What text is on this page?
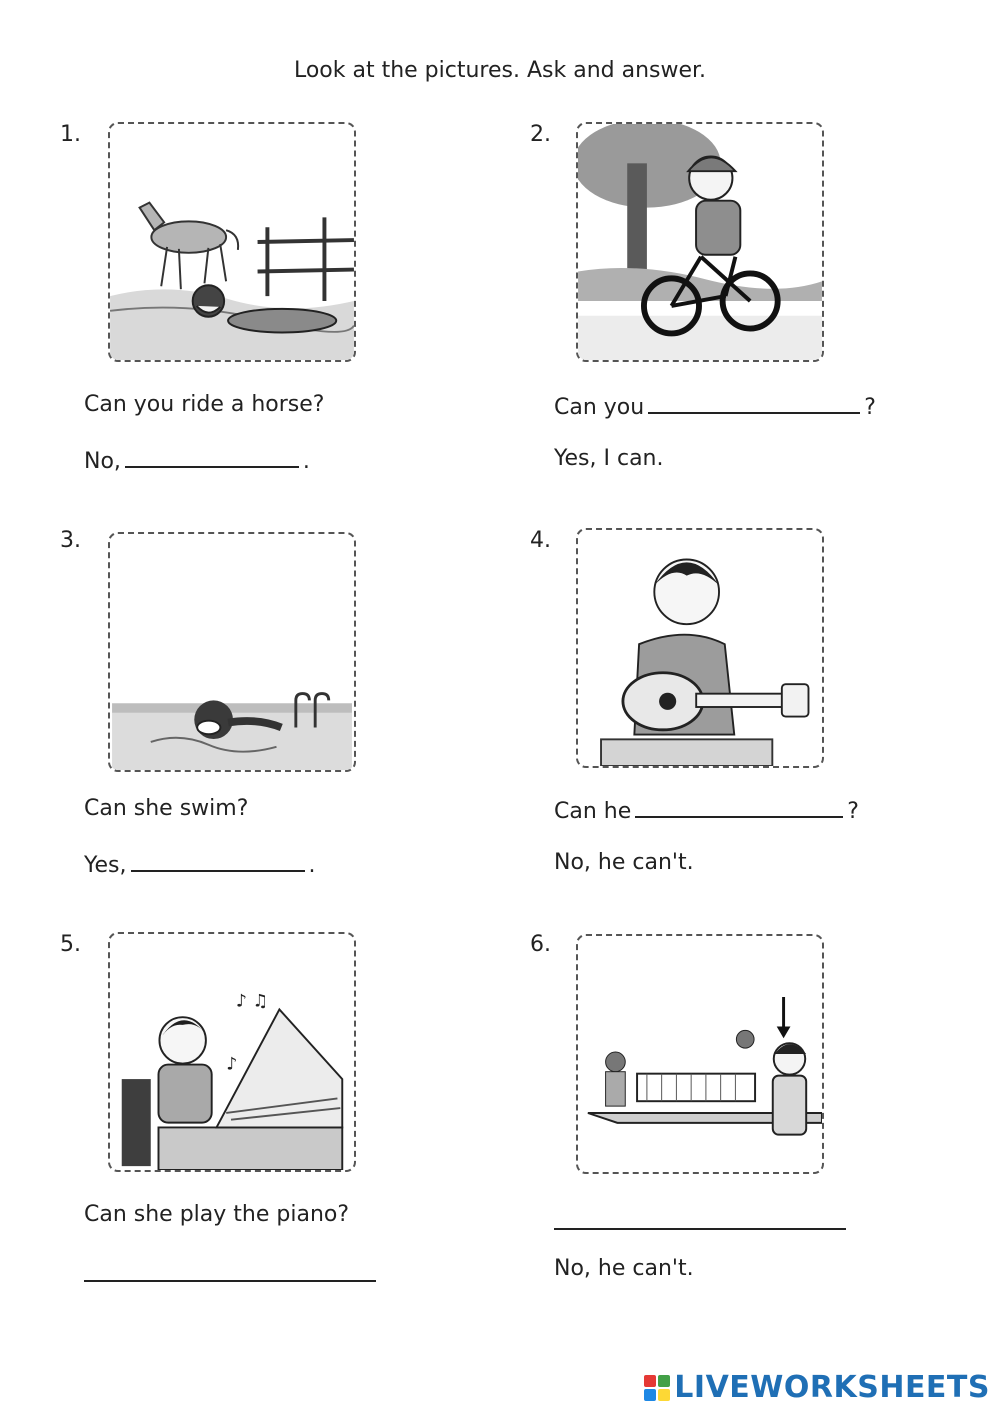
Look at the pictures. Ask and answer.
1.
Can you ride a horse?
No,	.
2.
Can you	?
Yes, I can.
3.
Can she swim?
Yes,	.
4.
Can he	?
No, he can't.
5.
♪ ♫
♪
Can she play the piano?
6.
No, he can't.
LIVEWORKSHEETS
